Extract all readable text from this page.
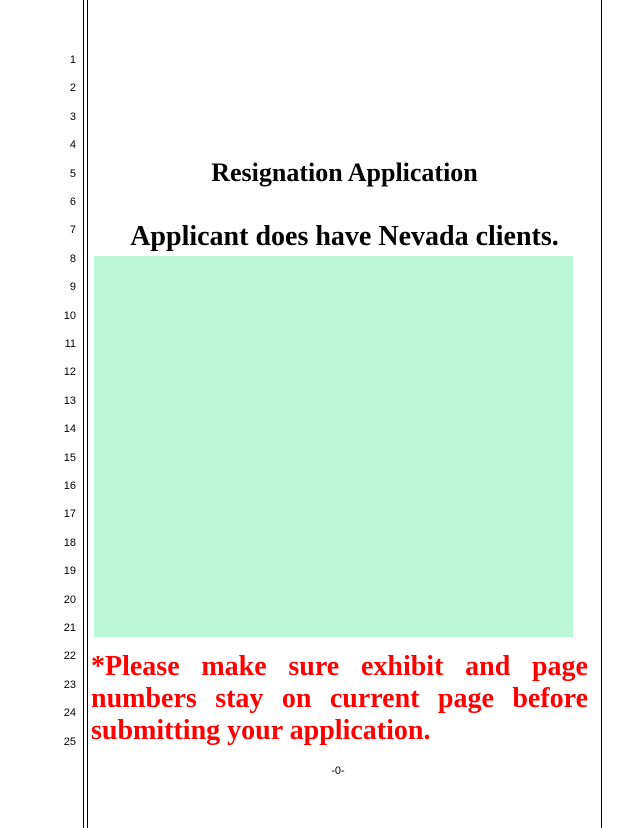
1
2
3
4
5
6
7
8
9
10
11
12
13
14
15
16
17
18
19
20
21
22
23
24
25
Resignation Application
Applicant does have Nevada clients.

*Please make sure exhibit and page numbers stay on current page before submitting your application.

-0-
